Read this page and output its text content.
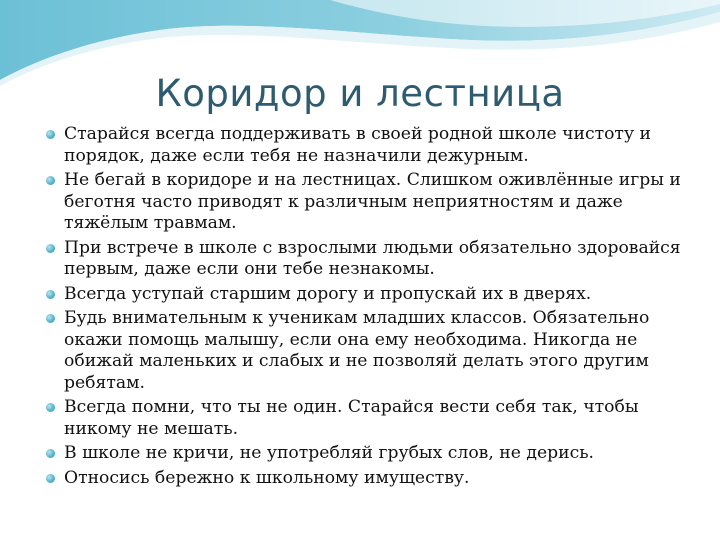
Коридор и лестница
Старайся всегда поддерживать в своей родной школе чистоту и порядок, даже если тебя не назначили дежурным.
Не бегай в коридоре и на лестницах. Слишком оживлённые игры и беготня часто приводят к различным неприятностям и даже тяжёлым травмам.
При встрече в школе с взрослыми людьми обязательно здоровайся первым, даже если они тебе незнакомы.
Всегда уступай старшим дорогу и пропускай их в дверях.
Будь внимательным к ученикам младших классов. Обязательно окажи помощь малышу, если она ему необходима. Никогда не обижай маленьких и слабых и не позволяй делать этого другим ребятам.
Всегда помни, что ты не один. Старайся вести себя так, чтобы никому не мешать.
В школе не кричи, не употребляй грубых слов, не дерись.
Относись бережно к школьному имуществу.
